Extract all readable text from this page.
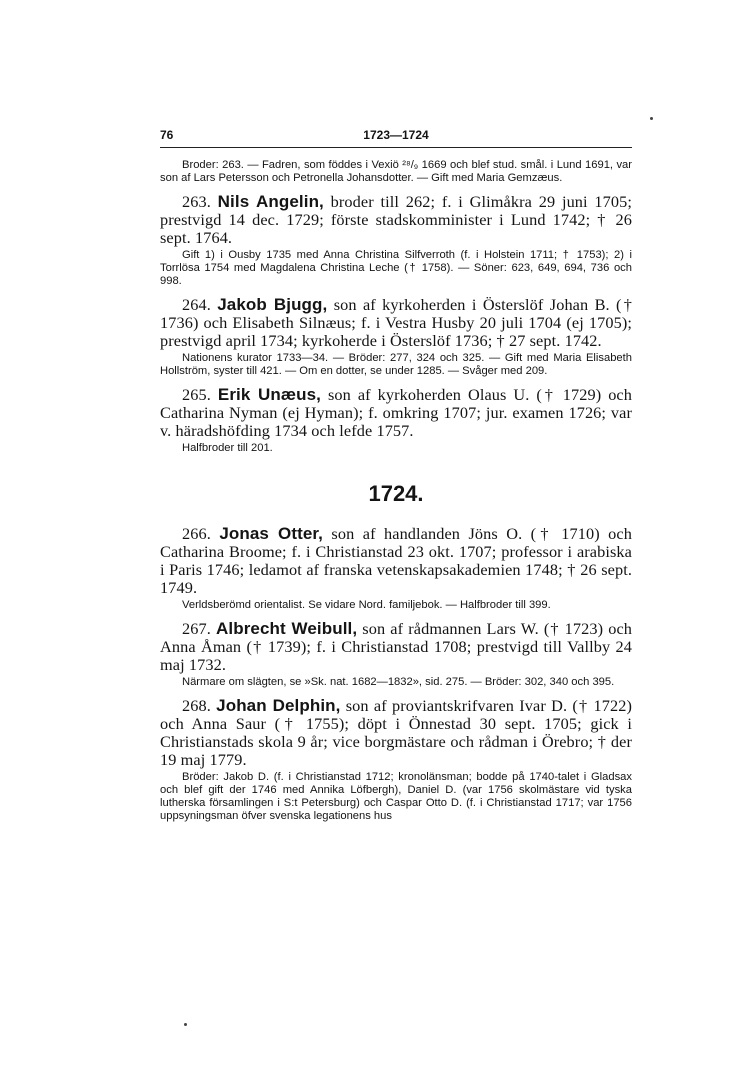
76	1723—1724

Broder: 263. — Fadren, som föddes i Vexiö ²⁸/₉ 1669 och blef stud. smål. i Lund 1691, var son af Lars Petersson och Petronella Johansdotter. — Gift med Maria Gemzæus.

263. Nils Angelin, broder till 262; f. i Glimåkra 29 juni 1705; prestvigd 14 dec. 1729; förste stadskomminister i Lund 1742; † 26 sept. 1764.

Gift 1) i Ousby 1735 med Anna Christina Silfverroth (f. i Holstein 1711; † 1753); 2) i Torrlösa 1754 med Magdalena Christina Leche († 1758). — Söner: 623, 649, 694, 736 och 998.

264. Jakob Bjugg, son af kyrkoherden i Österslöf Johan B. († 1736) och Elisabeth Silnæus; f. i Vestra Husby 20 juli 1704 (ej 1705); prestvigd april 1734; kyrkoherde i Österslöf 1736; † 27 sept. 1742.

Nationens kurator 1733—34. — Bröder: 277, 324 och 325. — Gift med Maria Elisabeth Hollström, syster till 421. — Om en dotter, se under 1285. — Svåger med 209.

265. Erik Unæus, son af kyrkoherden Olaus U. († 1729) och Catharina Nyman (ej Hyman); f. omkring 1707; jur. examen 1726; var v. häradshöfding 1734 och lefde 1757.

Halfbroder till 201.

1724.

266. Jonas Otter, son af handlanden Jöns O. († 1710) och Catharina Broome; f. i Christianstad 23 okt. 1707; professor i arabiska i Paris 1746; ledamot af franska vetenskapsakademien 1748; † 26 sept. 1749.

Verldsberömd orientalist. Se vidare Nord. familjebok. — Halfbroder till 399.

267. Albrecht Weibull, son af rådmannen Lars W. († 1723) och Anna Åman († 1739); f. i Christianstad 1708; prestvigd till Vallby 24 maj 1732.

Närmare om slägten, se »Sk. nat. 1682—1832», sid. 275. — Bröder: 302, 340 och 395.

268. Johan Delphin, son af proviantskrifvaren Ivar D. († 1722) och Anna Saur († 1755); döpt i Önnestad 30 sept. 1705; gick i Christianstads skola 9 år; vice borgmästare och rådman i Örebro; † der 19 maj 1779.

Bröder: Jakob D. (f. i Christianstad 1712; kronolänsman; bodde på 1740-talet i Gladsax och blef gift der 1746 med Annika Löfbergh), Daniel D. (var 1756 skolmästare vid tyska lutherska församlingen i S:t Petersburg) och Caspar Otto D. (f. i Christianstad 1717; var 1756 uppsyningsman öfver svenska legationens hus
